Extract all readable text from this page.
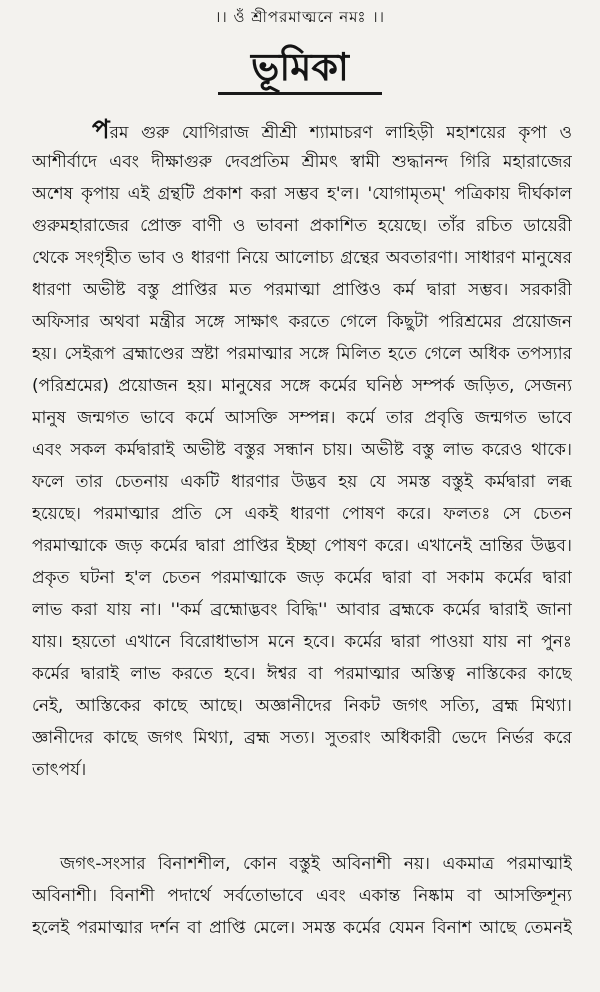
।। ওঁ শ্রীপরমাত্মনে নমঃ ।।
ভূমিকা
পরম গুরু যোগিরাজ শ্রীশ্রী শ্যামাচরণ লাহিড়ী মহাশয়ের কৃপা ও
আশীর্বাদে এবং দীক্ষাগুরু দেবপ্রতিম শ্রীমৎ স্বামী শুদ্ধানন্দ গিরি মহারাজের
অশেষ কৃপায় এই গ্রন্থটি প্রকাশ করা সম্ভব হ'ল। 'যোগামৃতম্' পত্রিকায় দীর্ঘকাল
গুরুমহারাজের প্রোক্ত বাণী ও ভাবনা প্রকাশিত হয়েছে। তাঁর রচিত ডায়েরী
থেকে সংগৃহীত ভাব ও ধারণা নিয়ে আলোচ্য গ্রন্থের অবতারণা। সাধারণ মানুষের
ধারণা অভীষ্ট বস্তু প্রাপ্তির মত পরমাত্মা প্রাপ্তিও কর্ম দ্বারা সম্ভব। সরকারী
অফিসার অথবা মন্ত্রীর সঙ্গে সাক্ষাৎ করতে গেলে কিছুটা পরিশ্রমের প্রয়োজন
হয়। সেইরূপ ব্রহ্মাণ্ডের স্রষ্টা পরমাত্মার সঙ্গে মিলিত হতে গেলে অধিক তপস্যার
(পরিশ্রমের) প্রয়োজন হয়। মানুষের সঙ্গে কর্মের ঘনিষ্ঠ সম্পর্ক জড়িত, সেজন্য
মানুষ জন্মগত ভাবে কর্মে আসক্তি সম্পন্ন। কর্মে তার প্রবৃত্তি জন্মগত ভাবে
এবং সকল কর্মদ্বারাই অভীষ্ট বস্তুর সন্ধান চায়। অভীষ্ট বস্তু লাভ করেও থাকে।
ফলে তার চেতনায় একটি ধারণার উদ্ভব হয় যে সমস্ত বস্তুই কর্মদ্বারা লব্ধ
হয়েছে। পরমাত্মার প্রতি সে একই ধারণা পোষণ করে। ফলতঃ সে চেতন
পরমাত্মাকে জড় কর্মের দ্বারা প্রাপ্তির ইচ্ছা পোষণ করে। এখানেই ভ্রান্তির উদ্ভব।
প্রকৃত ঘটনা হ'ল চেতন পরমাত্মাকে জড় কর্মের দ্বারা বা সকাম কর্মের দ্বারা
লাভ করা যায় না। ''কর্ম ব্রহ্মোদ্ভবং বিদ্ধি'' আবার ব্রহ্মকে কর্মের দ্বারাই জানা
যায়। হয়তো এখানে বিরোধাভাস মনে হবে। কর্মের দ্বারা পাওয়া যায় না পুনঃ
কর্মের দ্বারাই লাভ করতে হবে। ঈশ্বর বা পরমাত্মার অস্তিত্ব নাস্তিকের কাছে
নেই, আস্তিকের কাছে আছে। অজ্ঞানীদের নিকট জগৎ সত্যি, ব্রহ্ম মিথ্যা।
জ্ঞানীদের কাছে জগৎ মিথ্যা, ব্রহ্ম সত্য। সুতরাং অধিকারী ভেদে নির্ভর করে
তাৎপর্য।
জগৎ-সংসার বিনাশশীল, কোন বস্তুই অবিনাশী নয়। একমাত্র পরমাত্মাই
অবিনাশী। বিনাশী পদার্থে সর্বতোভাবে এবং একান্ত নিষ্কাম বা আসক্তিশূন্য
হলেই পরমাত্মার দর্শন বা প্রাপ্তি মেলে। সমস্ত কর্মের যেমন বিনাশ আছে তেমনই
